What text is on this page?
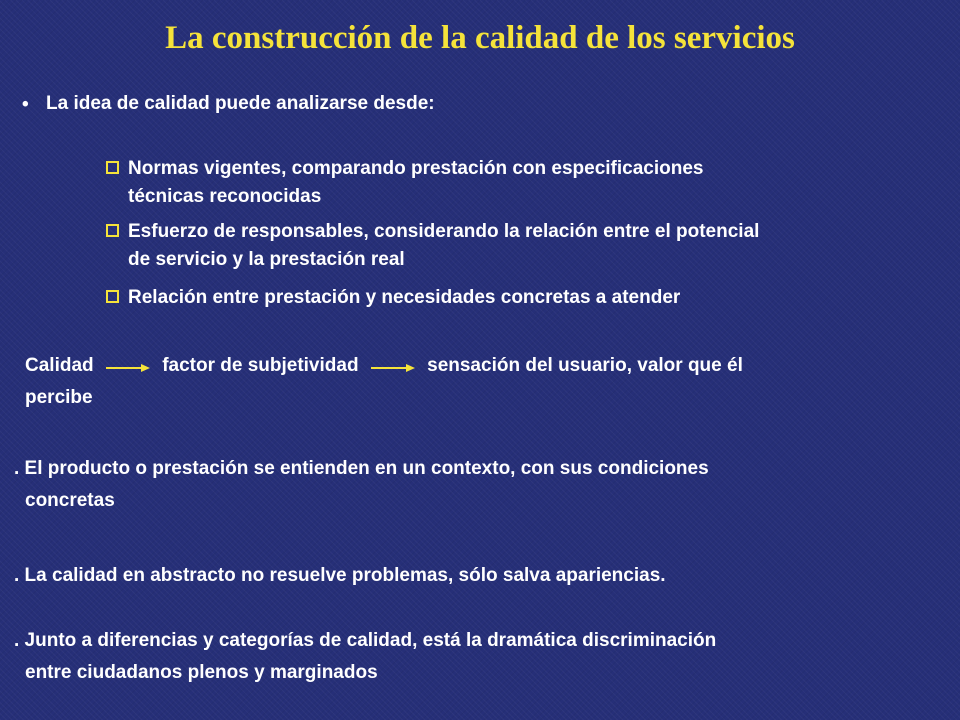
La construcción de la calidad de los servicios
• La idea de calidad puede analizarse desde:
Normas vigentes, comparando prestación con especificaciones
técnicas reconocidas
Esfuerzo de responsables, considerando la relación entre el potencial
de servicio y la prestación real
Relación entre prestación y necesidades concretas a atender
Calidad	factor de subjetividad	sensación del usuario, valor que él
percibe
. El producto o prestación se entienden en un contexto, con sus condiciones
concretas
. La calidad en abstracto no resuelve problemas, sólo salva apariencias.
. Junto a diferencias y categorías de calidad, está la dramática discriminación
entre ciudadanos plenos y marginados
